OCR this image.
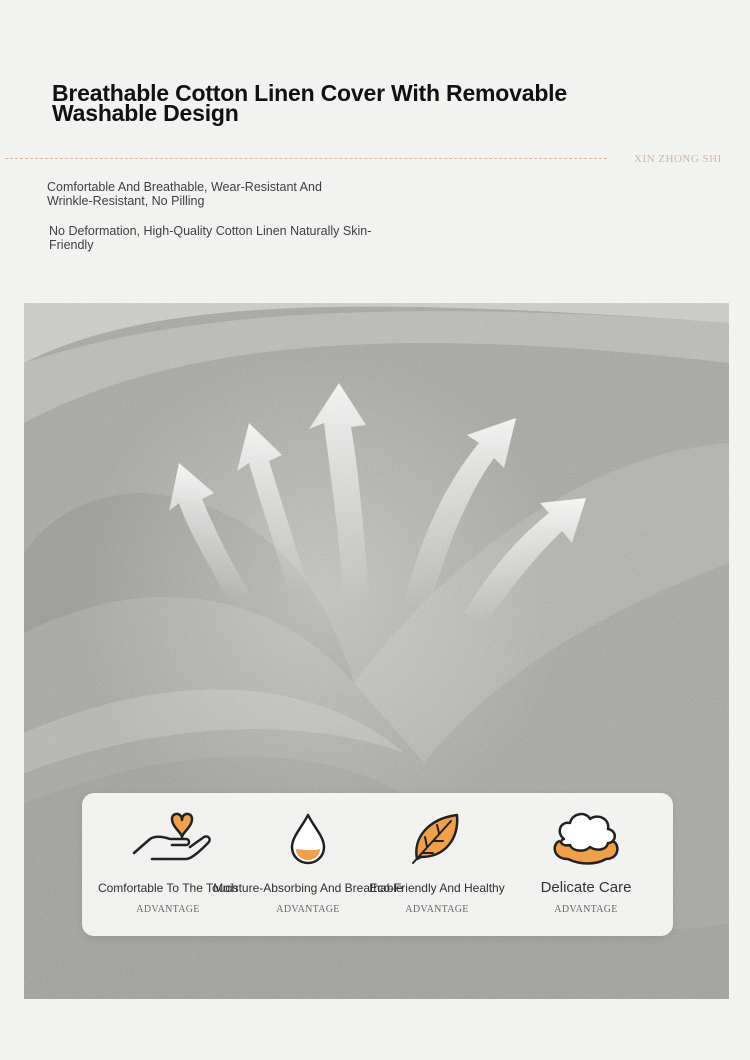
Breathable Cotton Linen Cover With Removable Washable Design
XIN ZHONG SHI
Comfortable And Breathable, Wear-Resistant And Wrinkle-Resistant, No Pilling
No Deformation, High-Quality Cotton Linen Naturally Skin-Friendly
Comfortable To The Touch
ADVANTAGE
Moisture-Absorbing And Breathable
ADVANTAGE
Eco-Friendly And Healthy
ADVANTAGE
Delicate Care
ADVANTAGE
